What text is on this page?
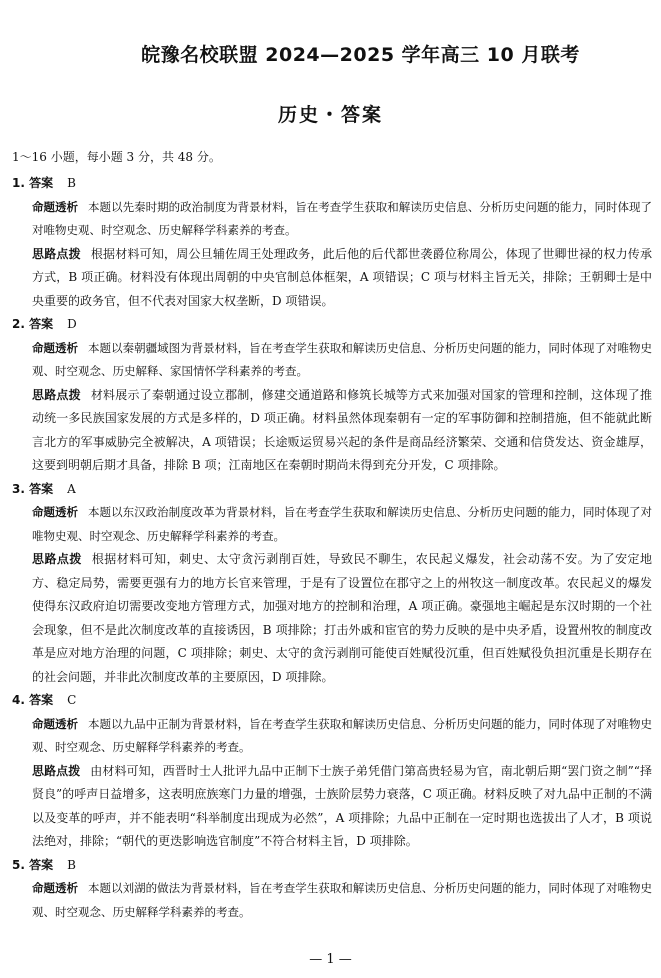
皖豫名校联盟 2024—2025 学年高三 10 月联考
历史・答案
1～16 小题，每小题 3 分，共 48 分。

1. 答案 B

命题透析 本题以先秦时期的政治制度为背景材料，旨在考查学生获取和解读历史信息、分析历史问题的能力，同时体现了对唯物史观、时空观念、历史解释学科素养的考查。

思路点拨 根据材料可知，周公旦辅佐周王处理政务，此后他的后代都世袭爵位称周公，体现了世卿世禄的权力传承方式，B 项正确。材料没有体现出周朝的中央官制总体框架，A 项错误；C 项与材料主旨无关，排除；王朝卿士是中央重要的政务官，但不代表对国家大权垄断，D 项错误。

2. 答案 D

命题透析 本题以秦朝疆域图为背景材料，旨在考查学生获取和解读历史信息、分析历史问题的能力，同时体现了对唯物史观、时空观念、历史解释、家国情怀学科素养的考查。

思路点拨 材料展示了秦朝通过设立郡制，修建交通道路和修筑长城等方式来加强对国家的管理和控制，这体现了推动统一多民族国家发展的方式是多样的，D 项正确。材料虽然体现秦朝有一定的军事防御和控制措施，但不能就此断言北方的军事威胁完全被解决，A 项错误；长途贩运贸易兴起的条件是商品经济繁荣、交通和信贷发达、资金雄厚，这要到明朝后期才具备，排除 B 项；江南地区在秦朝时期尚未得到充分开发，C 项排除。

3. 答案 A

命题透析 本题以东汉政治制度改革为背景材料，旨在考查学生获取和解读历史信息、分析历史问题的能力，同时体现了对唯物史观、时空观念、历史解释学科素养的考查。

思路点拨 根据材料可知，刺史、太守贪污剥削百姓，导致民不聊生，农民起义爆发，社会动荡不安。为了安定地方、稳定局势，需要更强有力的地方长官来管理，于是有了设置位在郡守之上的州牧这一制度改革。农民起义的爆发使得东汉政府迫切需要改变地方管理方式，加强对地方的控制和治理，A 项正确。豪强地主崛起是东汉时期的一个社会现象，但不是此次制度改革的直接诱因，B 项排除；打击外戚和宦官的势力反映的是中央矛盾，设置州牧的制度改革是应对地方治理的问题，C 项排除；刺史、太守的贪污剥削可能使百姓赋役沉重，但百姓赋役负担沉重是长期存在的社会问题，并非此次制度改革的主要原因，D 项排除。

4. 答案 C

命题透析 本题以九品中正制为背景材料，旨在考查学生获取和解读历史信息、分析历史问题的能力，同时体现了对唯物史观、时空观念、历史解释学科素养的考查。

思路点拨 由材料可知，西晋时士人批评九品中正制下士族子弟凭借门第高贵轻易为官，南北朝后期“罢门资之制”“择贤良”的呼声日益增多，这表明庶族寒门力量的增强，士族阶层势力衰落，C 项正确。材料反映了对九品中正制的不满以及变革的呼声，并不能表明“科举制度出现成为必然”，A 项排除；九品中正制在一定时期也选拔出了人才，B 项说法绝对，排除；“朝代的更迭影响选官制度”不符合材料主旨，D 项排除。

5. 答案 B

命题透析 本题以刘湖的做法为背景材料，旨在考查学生获取和解读历史信息、分析历史问题的能力，同时体现了对唯物史观、时空观念、历史解释学科素养的考查。

— 1 —
